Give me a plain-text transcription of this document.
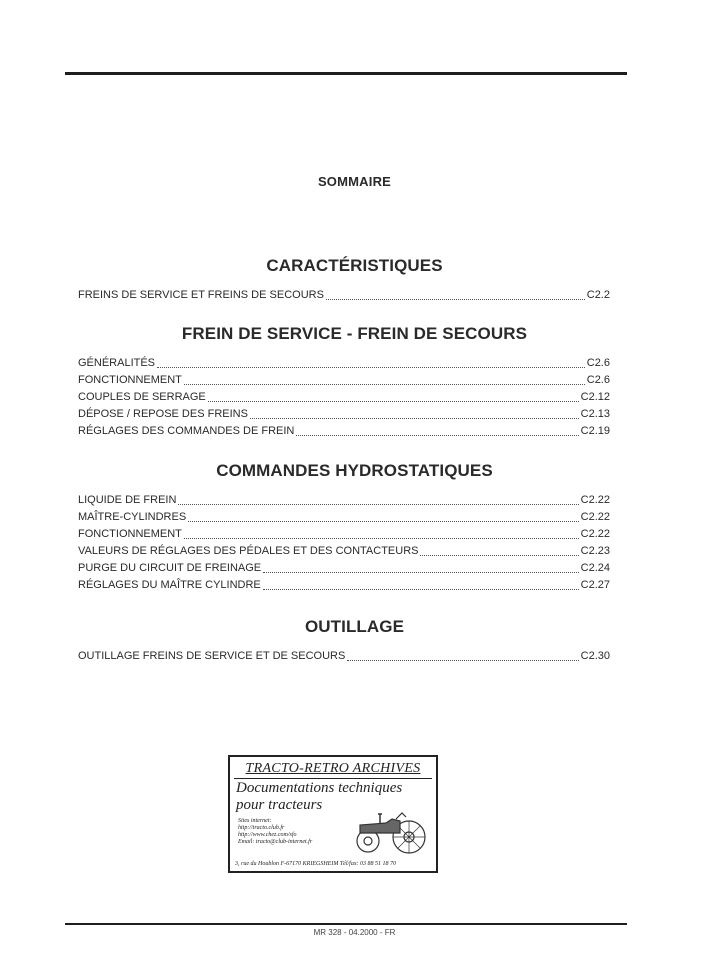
SOMMAIRE
CARACTÉRISTIQUES
FREINS DE SERVICE ET FREINS DE SECOURS	C2.2
FREIN DE SERVICE - FREIN DE SECOURS
GÉNÉRALITÉS	C2.6
FONCTIONNEMENT	C2.6
COUPLES DE SERRAGE	C2.12
DÉPOSE / REPOSE DES FREINS	C2.13
RÉGLAGES DES COMMANDES DE FREIN	C2.19
COMMANDES HYDROSTATIQUES
LIQUIDE DE FREIN	C2.22
MAÎTRE-CYLINDRES	C2.22
FONCTIONNEMENT	C2.22
VALEURS DE RÉGLAGES DES PÉDALES ET DES CONTACTEURS	C2.23
PURGE DU CIRCUIT DE FREINAGE	C2.24
RÉGLAGES DU MAÎTRE CYLINDRE	C2.27
OUTILLAGE
OUTILLAGE FREINS DE SERVICE ET DE SECOURS	C2.30
TRACTO-RETRO ARCHIVES
Documentations techniques
pour tracteurs
Sites internet:
http://tracto.club.fr
http://www.chez.com/sfo
Email: tracto@club-internet.fr
3, rue du Houblon F-67170 KRIEGSHEIM Tél/fax: 03 88 51 18 70
MR 328 - 04.2000 - FR
